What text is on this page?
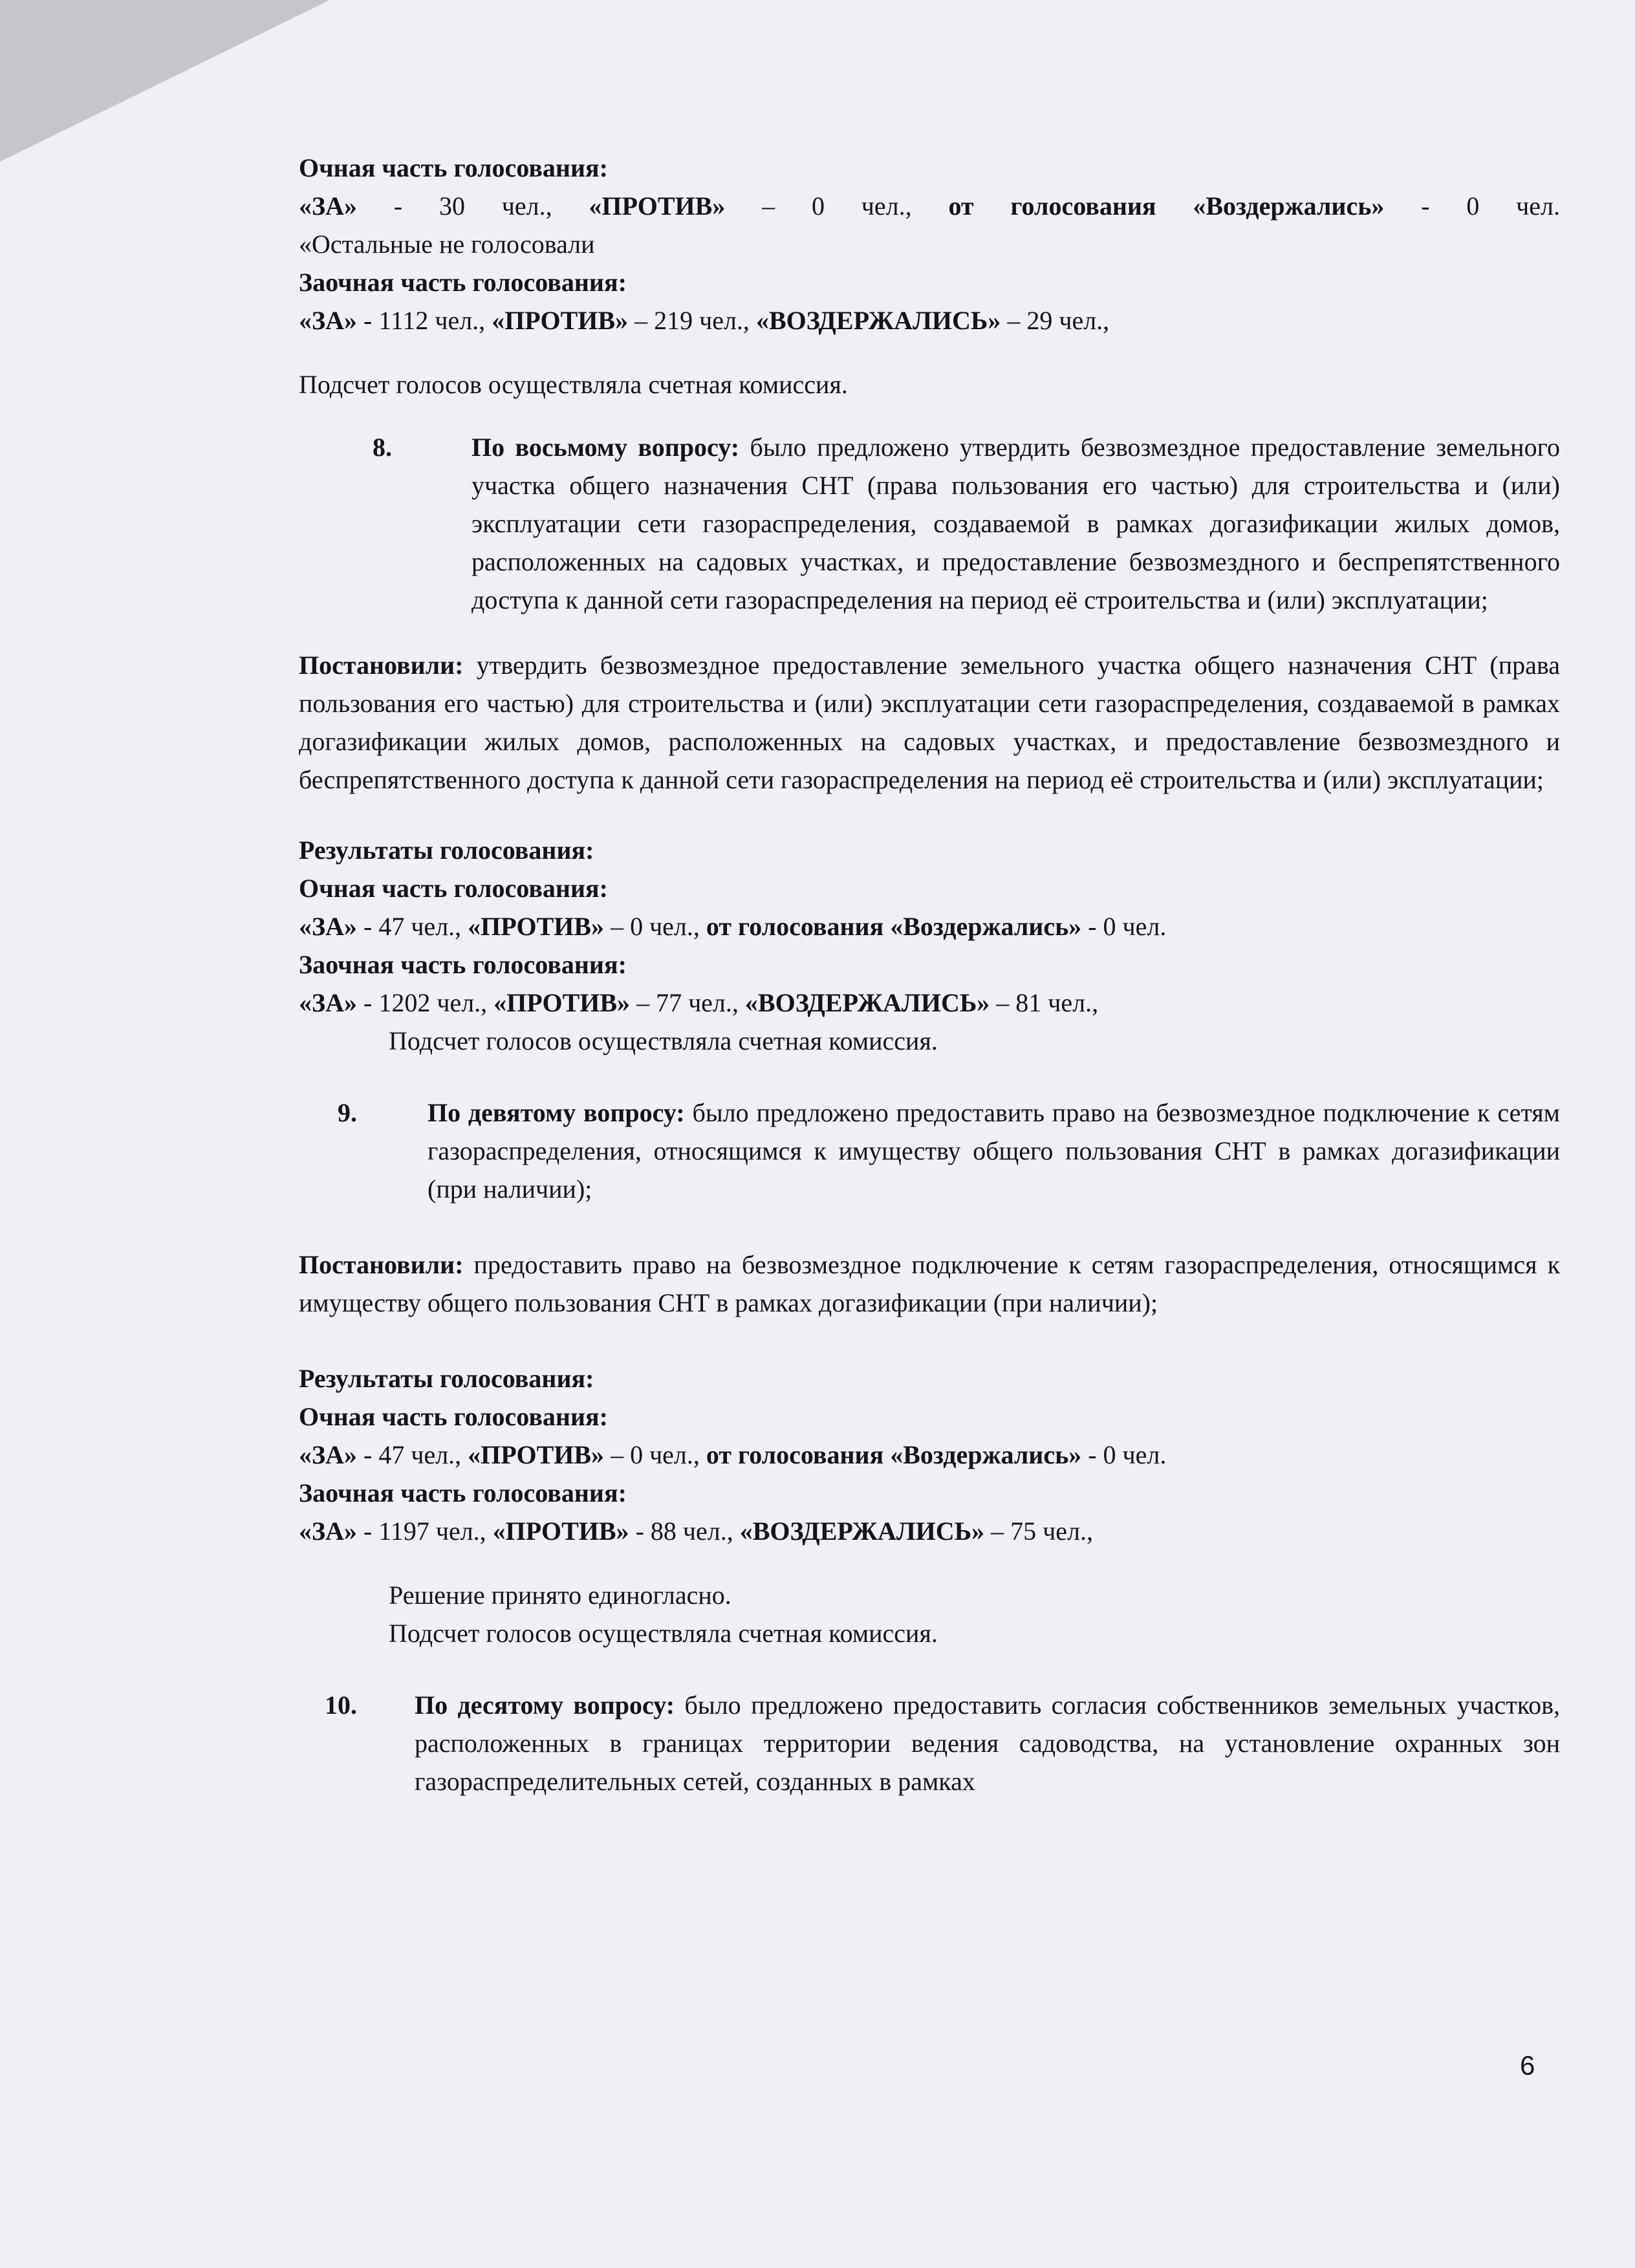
Очная часть голосования:

«ЗА» - 30 чел., «ПРОТИВ» – 0 чел., от голосования «Воздержались» - 0 чел.

«Остальные не голосовали

Заочная часть голосования:

«ЗА» - 1112 чел., «ПРОТИВ» – 219 чел., «ВОЗДЕРЖАЛИСЬ» – 29 чел.,

Подсчет голосов осуществляла счетная комиссия.

8.	По восьмому вопросу: было предложено утвердить безвозмездное предоставление земельного участка общего назначения СНТ (права пользования его частью) для строительства и (или) эксплуатации сети газораспределения, создаваемой в рамках догазификации жилых домов, расположенных на садовых участках, и предоставление безвозмездного и беспрепятственного доступа к данной сети газораспределения на период её строительства и (или) эксплуатации;

Постановили: утвердить безвозмездное предоставление земельного участка общего назначения СНТ (права пользования его частью) для строительства и (или) эксплуатации сети газораспределения, создаваемой в рамках догазификации жилых домов, расположенных на садовых участках, и предоставление безвозмездного и беспрепятственного доступа к данной сети газораспределения на период её строительства и (или) эксплуатации;

Результаты голосования:

Очная часть голосования:

«ЗА» - 47 чел., «ПРОТИВ» – 0 чел., от голосования «Воздержались» - 0 чел.

Заочная часть голосования:

«ЗА» - 1202 чел., «ПРОТИВ» – 77 чел., «ВОЗДЕРЖАЛИСЬ» – 81 чел.,

Подсчет голосов осуществляла счетная комиссия.

9.	По девятому вопросу: было предложено предоставить право на безвозмездное подключение к сетям газораспределения, относящимся к имуществу общего пользования СНТ в рамках догазификации (при наличии);

Постановили: предоставить право на безвозмездное подключение к сетям газораспределения, относящимся к имуществу общего пользования СНТ в рамках догазификации (при наличии);

Результаты голосования:

Очная часть голосования:

«ЗА» - 47 чел., «ПРОТИВ» – 0 чел., от голосования «Воздержались» - 0 чел.

Заочная часть голосования:

«ЗА» - 1197 чел., «ПРОТИВ» - 88 чел., «ВОЗДЕРЖАЛИСЬ» – 75 чел.,

Решение принято единогласно.

Подсчет голосов осуществляла счетная комиссия.

10.	По десятому вопросу: было предложено предоставить согласия собственников земельных участков, расположенных в границах территории ведения садоводства, на установление охранных зон газораспределительных сетей, созданных в рамках
6
